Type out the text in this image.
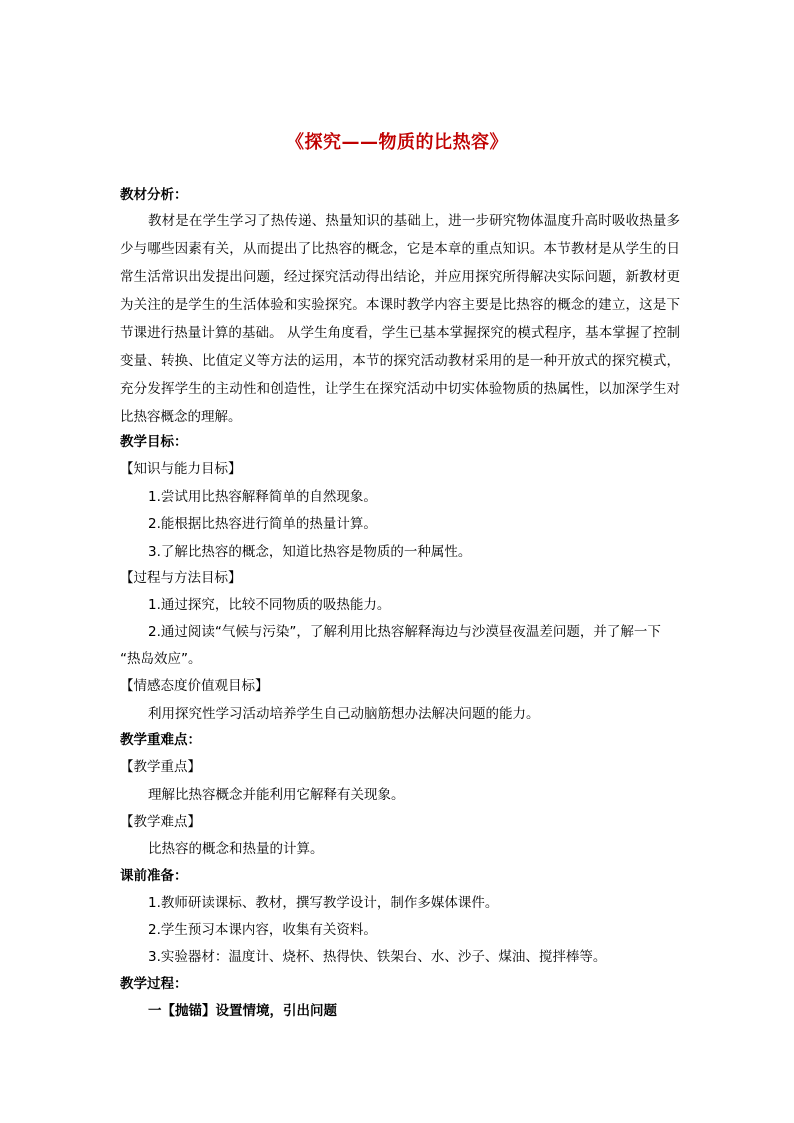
《探究——物质的比热容》
教材分析：

教材是在学生学习了热传递、热量知识的基础上，进一步研究物体温度升高时吸收热量多少与哪些因素有关，从而提出了比热容的概念，它是本章的重点知识。本节教材是从学生的日常生活常识出发提出问题，经过探究活动得出结论，并应用探究所得解决实际问题，新教材更为关注的是学生的生活体验和实验探究。本课时教学内容主要是比热容的概念的建立，这是下节课进行热量计算的基础。 从学生角度看，学生已基本掌握探究的模式程序，基本掌握了控制变量、转换、比值定义等方法的运用，本节的探究活动教材采用的是一种开放式的探究模式，充分发挥学生的主动性和创造性，让学生在探究活动中切实体验物质的热属性，以加深学生对比热容概念的理解。

教学目标：
【知识与能力目标】
1.尝试用比热容解释简单的自然现象。
2.能根据比热容进行简单的热量计算。
3.了解比热容的概念，知道比热容是物质的一种属性。
【过程与方法目标】
1.通过探究，比较不同物质的吸热能力。
2.通过阅读“气候与污染”，了解利用比热容解释海边与沙漠昼夜温差问题，并了解一下
“热岛效应”。
【情感态度价值观目标】
利用探究性学习活动培养学生自己动脑筋想办法解决问题的能力。
教学重难点：
【教学重点】
理解比热容概念并能利用它解释有关现象。
【教学难点】
比热容的概念和热量的计算。
课前准备：
1.教师研读课标、教材，撰写教学设计，制作多媒体课件。
2.学生预习本课内容，收集有关资料。
3.实验器材：温度计、烧杯、热得快、铁架台、水、沙子、煤油、搅拌棒等。
教学过程：
一【抛锚】设置情境，引出问题
